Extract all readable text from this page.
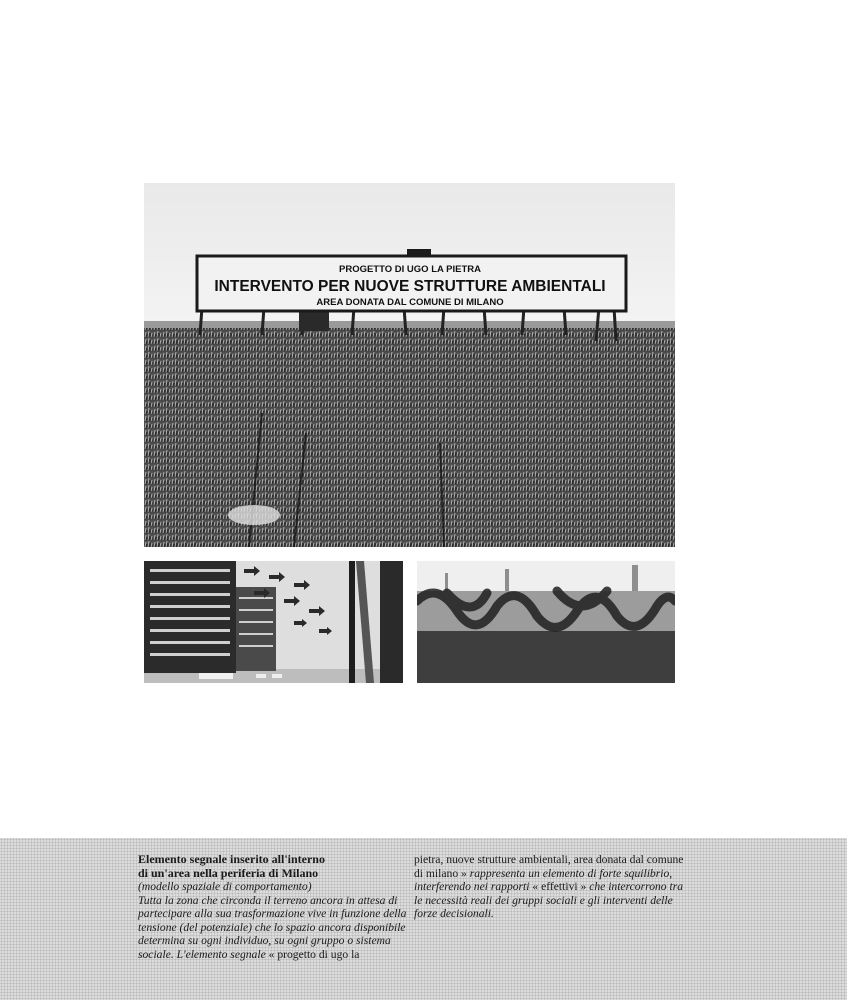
PROGETTO DI UGO LA PIETRA
INTERVENTO PER NUOVE STRUTTURE AMBIENTALI
AREA DONATA DAL COMUNE DI MILANO

Elemento segnale inserito all'interno

di un'area nella periferia di Milano

(modello spaziale di comportamento)

Tutta la zona che circonda il terreno ancora in attesa di partecipare alla sua trasformazione vive in funzione della tensione (del potenziale) che lo spazio ancora disponibile determina su ogni individuo, su ogni gruppo o sistema sociale. L'elemento segnale « progetto di ugo la

pietra, nuove strutture ambientali, area donata dal comune di milano » rappresenta un elemento di forte squilibrio, interferendo nei rapporti « effettivi » che intercorrono tra le necessità reali dei gruppi sociali e gli interventi delle forze decisionali.
